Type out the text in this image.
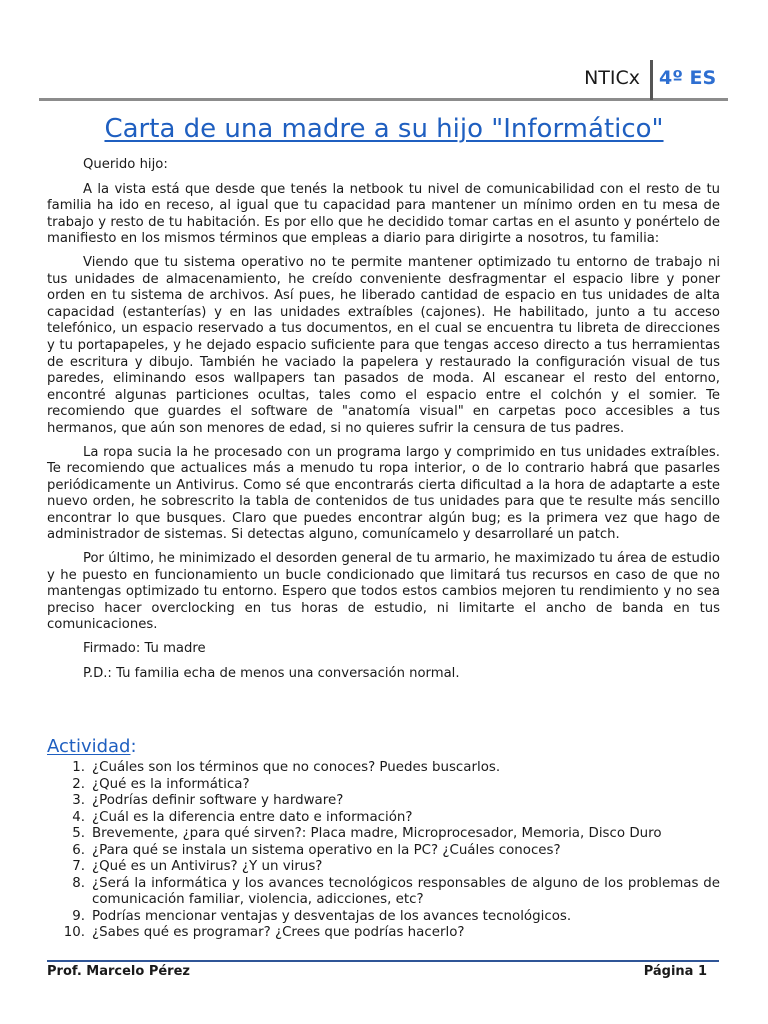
NTICx 4º ES
Carta de una madre a su hijo "Informático"

Querido hijo:

A la vista está que desde que tenés la netbook tu nivel de comunicabilidad con el resto de tu familia ha ido en receso, al igual que tu capacidad para mantener un mínimo orden en tu mesa de trabajo y resto de tu habitación. Es por ello que he decidido tomar cartas en el asunto y ponértelo de manifiesto en los mismos términos que empleas a diario para dirigirte a nosotros, tu familia:

Viendo que tu sistema operativo no te permite mantener optimizado tu entorno de trabajo ni tus unidades de almacenamiento, he creído conveniente desfragmentar el espacio libre y poner orden en tu sistema de archivos. Así pues, he liberado cantidad de espacio en tus unidades de alta capacidad (estanterías) y en las unidades extraíbles (cajones). He habilitado, junto a tu acceso telefónico, un espacio reservado a tus documentos, en el cual se encuentra tu libreta de direcciones y tu portapapeles, y he dejado espacio suficiente para que tengas acceso directo a tus herramientas de escritura y dibujo. También he vaciado la papelera y restaurado la configuración visual de tus paredes, eliminando esos wallpapers tan pasados de moda. Al escanear el resto del entorno, encontré algunas particiones ocultas, tales como el espacio entre el colchón y el somier. Te recomiendo que guardes el software de "anatomía visual" en carpetas poco accesibles a tus hermanos, que aún son menores de edad, si no quieres sufrir la censura de tus padres.

La ropa sucia la he procesado con un programa largo y comprimido en tus unidades extraíbles. Te recomiendo que actualices más a menudo tu ropa interior, o de lo contrario habrá que pasarles periódicamente un Antivirus. Como sé que encontrarás cierta dificultad a la hora de adaptarte a este nuevo orden, he sobrescrito la tabla de contenidos de tus unidades para que te resulte más sencillo encontrar lo que busques. Claro que puedes encontrar algún bug; es la primera vez que hago de administrador de sistemas. Si detectas alguno, comunícamelo y desarrollaré un patch.

Por último, he minimizado el desorden general de tu armario, he maximizado tu área de estudio y he puesto en funcionamiento un bucle condicionado que limitará tus recursos en caso de que no mantengas optimizado tu entorno. Espero que todos estos cambios mejoren tu rendimiento y no sea preciso hacer overclocking en tus horas de estudio, ni limitarte el ancho de banda en tus comunicaciones.

Firmado: Tu madre

P.D.: Tu familia echa de menos una conversación normal.

Actividad:
1. ¿Cuáles son los términos que no conoces? Puedes buscarlos.
2. ¿Qué es la informática?
3. ¿Podrías definir software y hardware?
4. ¿Cuál es la diferencia entre dato e información?
5. Brevemente, ¿para qué sirven?: Placa madre, Microprocesador, Memoria, Disco Duro
6. ¿Para qué se instala un sistema operativo en la PC? ¿Cuáles conoces?
7. ¿Qué es un Antivirus? ¿Y un virus?
8. ¿Será la informática y los avances tecnológicos responsables de alguno de los problemas de comunicación familiar, violencia, adicciones, etc?
9. Podrías mencionar ventajas y desventajas de los avances tecnológicos.
10. ¿Sabes qué es programar? ¿Crees que podrías hacerlo?
Prof. Marcelo Pérez	Página 1
